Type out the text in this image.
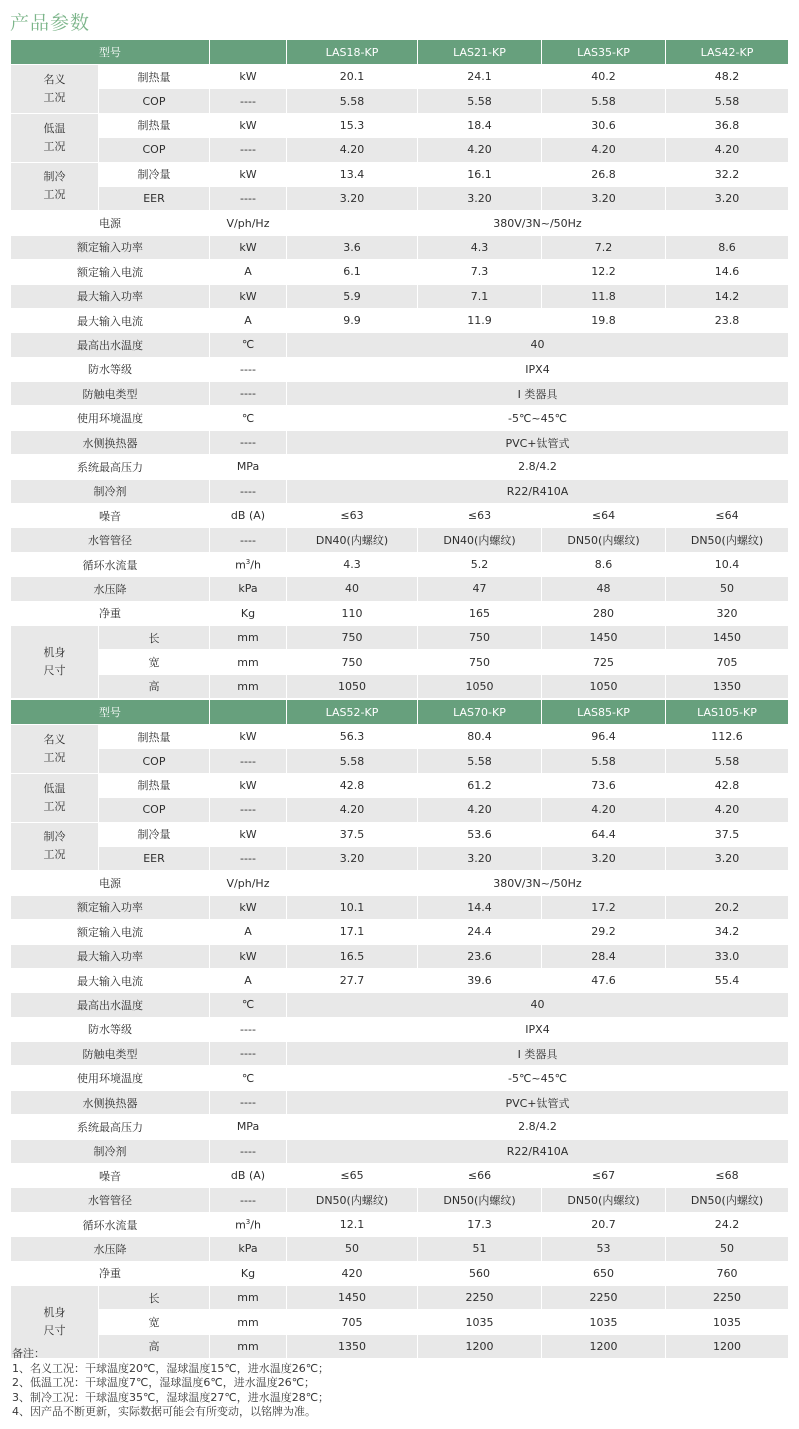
产品参数
型号			LAS18-KP	LAS21-KP	LAS35-KP	LAS42-KP
名义
工况	制热量	kW	20.1	24.1	40.2	48.2
	COP	----	5.58	5.58	5.58	5.58
低温
工况	制热量	kW	15.3	18.4	30.6	36.8
	COP	----	4.20	4.20	4.20	4.20
制冷
工况	制冷量	kW	13.4	16.1	26.8	32.2
	EER	----	3.20	3.20	3.20	3.20
电源		V/ph/Hz	380V/3N~/50Hz			
额定输入功率		kW	3.6	4.3	7.2	8.6
额定输入电流		A	6.1	7.3	12.2	14.6
最大输入功率		kW	5.9	7.1	11.8	14.2
最大输入电流		A	9.9	11.9	19.8	23.8
最高出水温度		℃	40			
防水等级		----	IPX4			
防触电类型		----	I 类器具			
使用环境温度		℃	-5℃~45℃			
水侧换热器		----	PVC+钛管式			
系统最高压力		MPa	2.8/4.2			
制冷剂		----	R22/R410A			
噪音		dB (A)	≤63	≤63	≤64	≤64
水管管径		----	DN40(内螺纹)	DN40(内螺纹)	DN50(内螺纹)	DN50(内螺纹)
循环水流量		$m^3/h$	4.3	5.2	8.6	10.4
水压降		kPa	40	47	48	50
净重		Kg	110	165	280	320
机身
尺寸	长	mm	750	750	1450	1450
	宽	mm	750	750	725	705
	高	mm	1050	1050	1050	1350
型号			LAS52-KP	LAS70-KP	LAS85-KP	LAS105-KP
名义
工况	制热量	kW	56.3	80.4	96.4	112.6
	COP	----	5.58	5.58	5.58	5.58
低温
工况	制热量	kW	42.8	61.2	73.6	42.8
	COP	----	4.20	4.20	4.20	4.20
制冷
工况	制冷量	kW	37.5	53.6	64.4	37.5
	EER	----	3.20	3.20	3.20	3.20
电源		V/ph/Hz	380V/3N~/50Hz			
额定输入功率		kW	10.1	14.4	17.2	20.2
额定输入电流		A	17.1	24.4	29.2	34.2
最大输入功率		kW	16.5	23.6	28.4	33.0
最大输入电流		A	27.7	39.6	47.6	55.4
最高出水温度		℃	40			
防水等级		----	IPX4			
防触电类型		----	I 类器具			
使用环境温度		℃	-5℃~45℃			
水侧换热器		----	PVC+钛管式			
系统最高压力		MPa	2.8/4.2			
制冷剂		----	R22/R410A			
噪音		dB (A)	≤65	≤66	≤67	≤68
水管管径		----	DN50(内螺纹)	DN50(内螺纹)	DN50(内螺纹)	DN50(内螺纹)
循环水流量		$m^3/h$	12.1	17.3	20.7	24.2
水压降		kPa	50	51	53	50
净重		Kg	420	560	650	760
机身
尺寸	长	mm	1450	2250	2250	2250
	宽	mm	705	1035	1035	1035
	高	mm	1350	1200	1200	1200
备注：
1、名义工况：干球温度20℃，湿球温度15℃，进水温度26℃；
2、低温工况：干球温度7℃，湿球温度6℃，进水温度26℃；
3、制冷工况：干球温度35℃，湿球温度27℃，进水温度28℃；
4、因产品不断更新，实际数据可能会有所变动，以铭牌为准。
